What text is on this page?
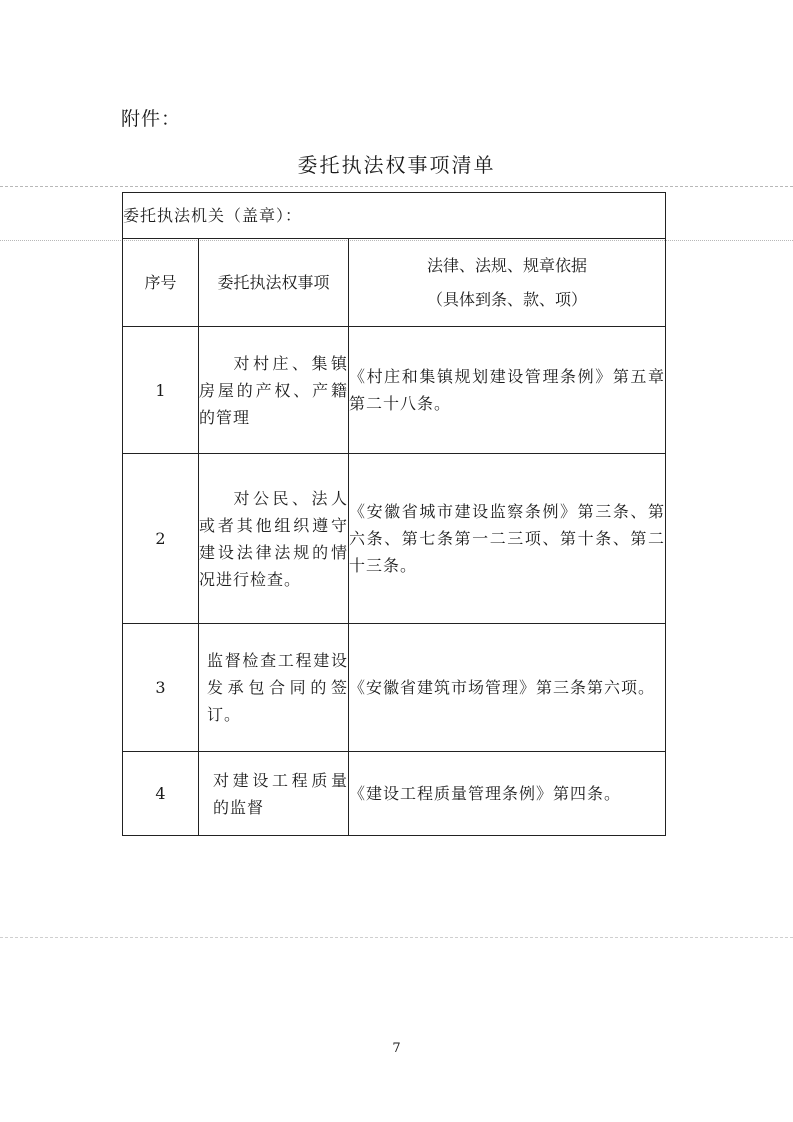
附件：
委托执法权事项清单
委托执法机关（盖章）：		
序号	委托执法权事项	法律、法规、规章依据
（具体到条、款、项）

1	对村庄、集镇房屋的产权、产籍的管理	《村庄和集镇规划建设管理条例》第五章第二十八条。
2	对公民、法人或者其他组织遵守建设法律法规的情况进行检查。	《安徽省城市建设监察条例》第三条、第六条、第七条第一二三项、第十条、第二十三条。
3	监督检查工程建设发承包合同的签订。	《安徽省建筑市场管理》第三条第六项。
4	对建设工程质量的监督	《建设工程质量管理条例》第四条。
7
